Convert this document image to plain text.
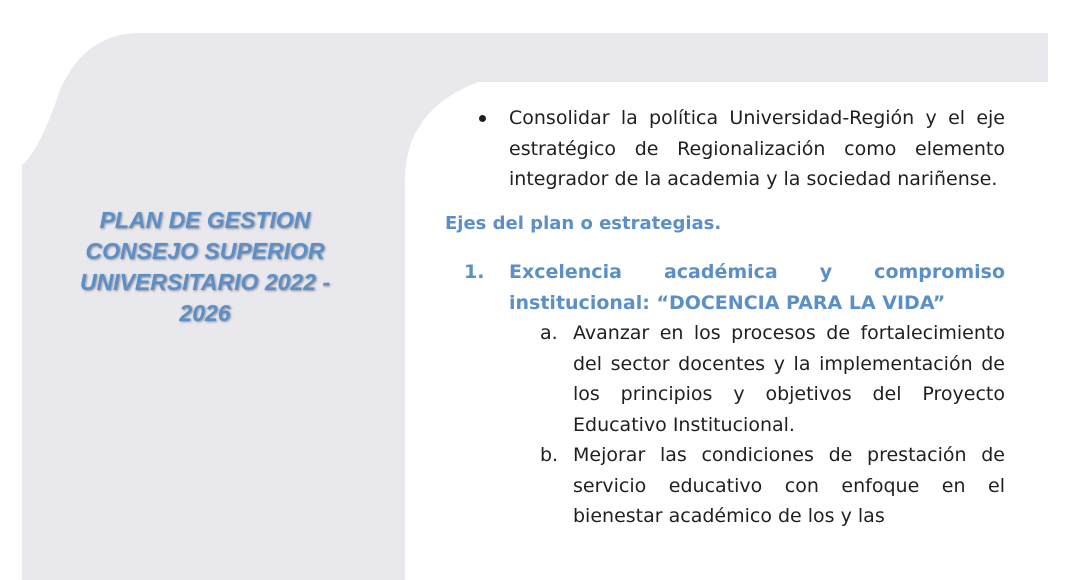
PLAN DE GESTION
CONSEJO SUPERIOR
UNIVERSITARIO 2022 -
2026
Consolidar la política Universidad-Región y el eje estratégico de Regionalización como elemento integrador de la academia y la sociedad nariñense.
Ejes del plan o estrategias.
1. Excelencia académica y compromiso institucional: “DOCENCIA PARA LA VIDA”
a. Avanzar en los procesos de fortalecimiento del sector docentes y la implementación de los principios y objetivos del Proyecto Educativo Institucional.
b. Mejorar las condiciones de prestación de servicio educativo con enfoque en el bienestar académico de los y las
